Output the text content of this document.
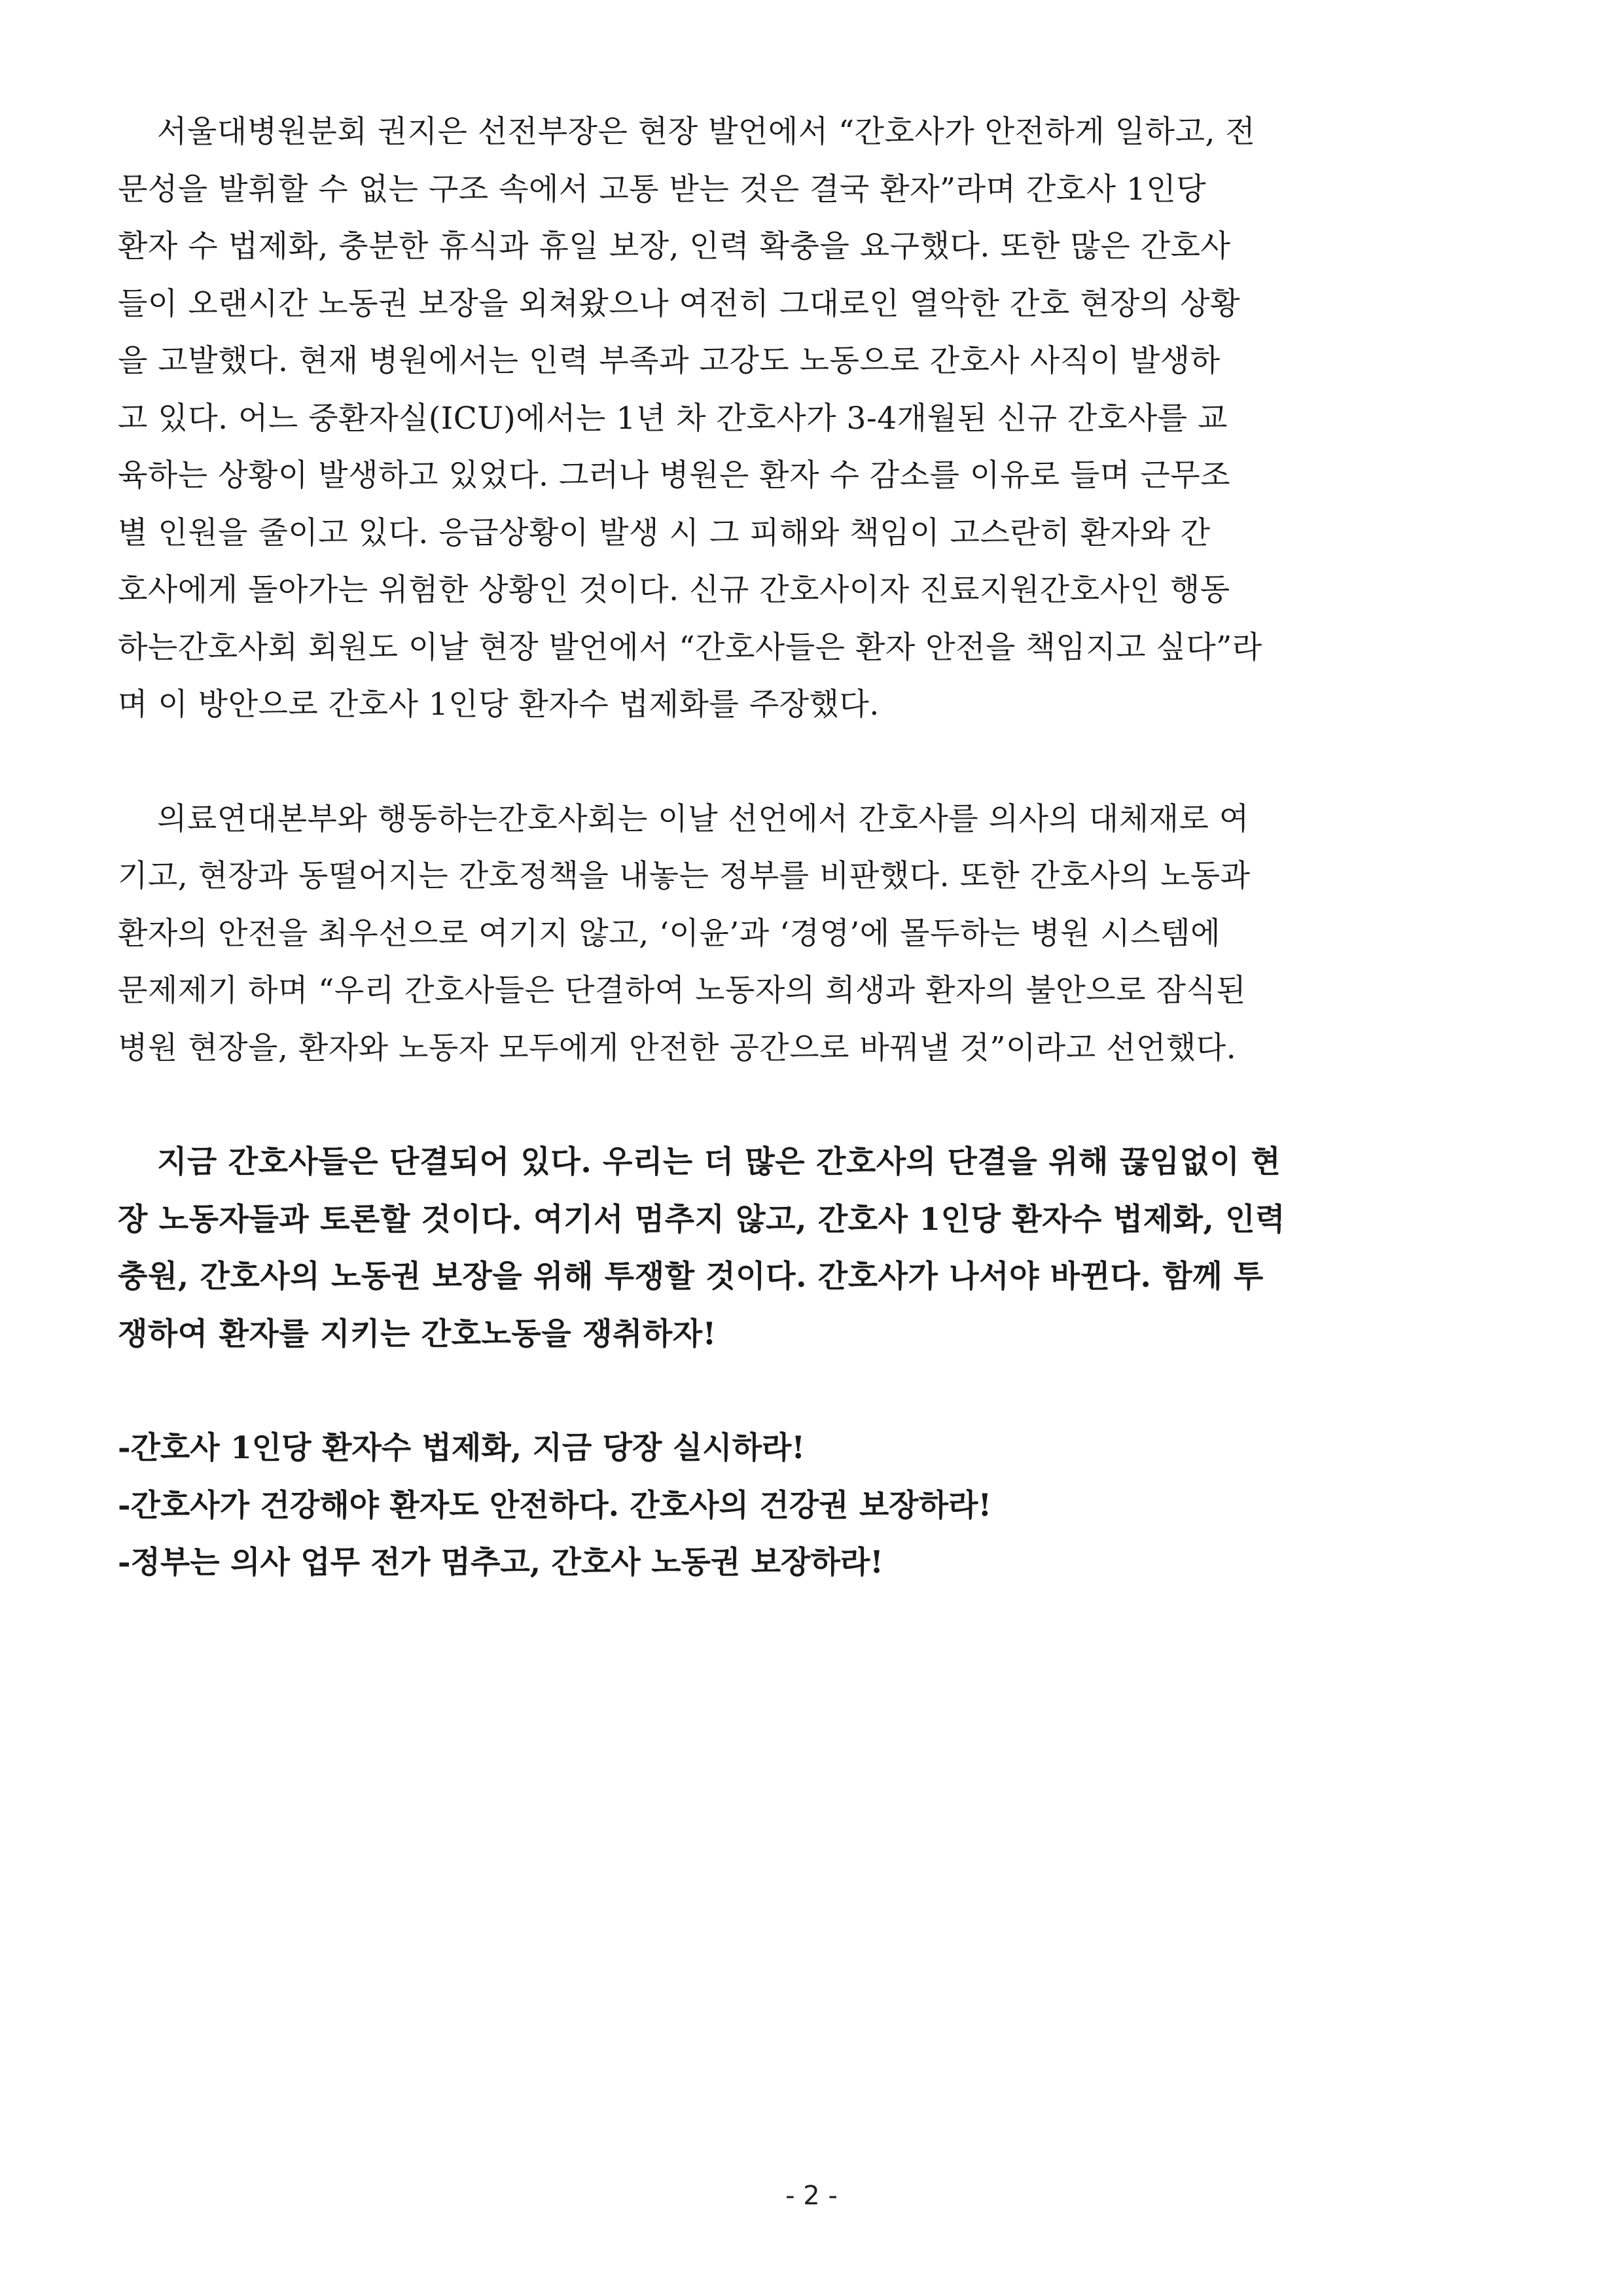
서울대병원분회 권지은 선전부장은 현장 발언에서 “간호사가 안전하게 일하고, 전
문성을 발휘할 수 없는 구조 속에서 고통 받는 것은 결국 환자”라며 간호사 1인당
환자 수 법제화, 충분한 휴식과 휴일 보장, 인력 확충을 요구했다. 또한 많은 간호사
들이 오랜시간 노동권 보장을 외쳐왔으나 여전히 그대로인 열악한 간호 현장의 상황
을 고발했다. 현재 병원에서는 인력 부족과 고강도 노동으로 간호사 사직이 발생하
고 있다. 어느 중환자실(ICU)에서는 1년 차 간호사가 3-4개월된 신규 간호사를 교
육하는 상황이 발생하고 있었다. 그러나 병원은 환자 수 감소를 이유로 들며 근무조
별 인원을 줄이고 있다. 응급상황이 발생 시 그 피해와 책임이 고스란히 환자와 간
호사에게 돌아가는 위험한 상황인 것이다. 신규 간호사이자 진료지원간호사인 행동
하는간호사회 회원도 이날 현장 발언에서 “간호사들은 환자 안전을 책임지고 싶다”라
며 이 방안으로 간호사 1인당 환자수 법제화를 주장했다.

의료연대본부와 행동하는간호사회는 이날 선언에서 간호사를 의사의 대체재로 여
기고, 현장과 동떨어지는 간호정책을 내놓는 정부를 비판했다. 또한 간호사의 노동과
환자의 안전을 최우선으로 여기지 않고, ‘이윤’과 ‘경영’에 몰두하는 병원 시스템에
문제제기 하며 “우리 간호사들은 단결하여 노동자의 희생과 환자의 불안으로 잠식된
병원 현장을, 환자와 노동자 모두에게 안전한 공간으로 바꿔낼 것”이라고 선언했다.

지금 간호사들은 단결되어 있다. 우리는 더 많은 간호사의 단결을 위해 끊임없이 현
장 노동자들과 토론할 것이다. 여기서 멈추지 않고, 간호사 1인당 환자수 법제화, 인력
충원, 간호사의 노동권 보장을 위해 투쟁할 것이다. 간호사가 나서야 바뀐다. 함께 투
쟁하여 환자를 지키는 간호노동을 쟁취하자!

-간호사 1인당 환자수 법제화, 지금 당장 실시하라!
-간호사가 건강해야 환자도 안전하다. 간호사의 건강권 보장하라!
-정부는 의사 업무 전가 멈추고, 간호사 노동권 보장하라!
- 2 -
